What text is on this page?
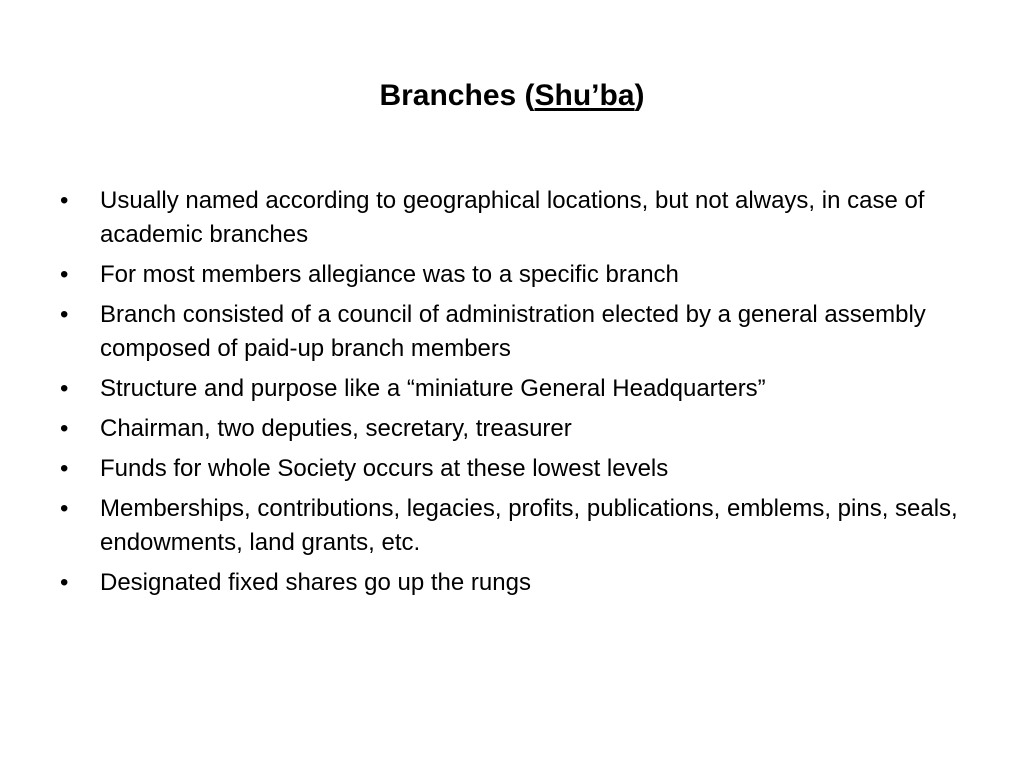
Branches (Shu’ba)
•	Usually named according to geographical locations, but not always, in case of academic branches
•	For most members allegiance was to a specific branch
•	Branch consisted of a council of administration elected by a general assembly composed of paid-up branch members
•	Structure and purpose like a “miniature General Headquarters”
•	Chairman, two deputies, secretary, treasurer
•	Funds for whole Society occurs at these lowest levels
•	Memberships, contributions, legacies, profits, publications, emblems, pins, seals, endowments, land grants, etc.
•	Designated fixed shares go up the rungs
